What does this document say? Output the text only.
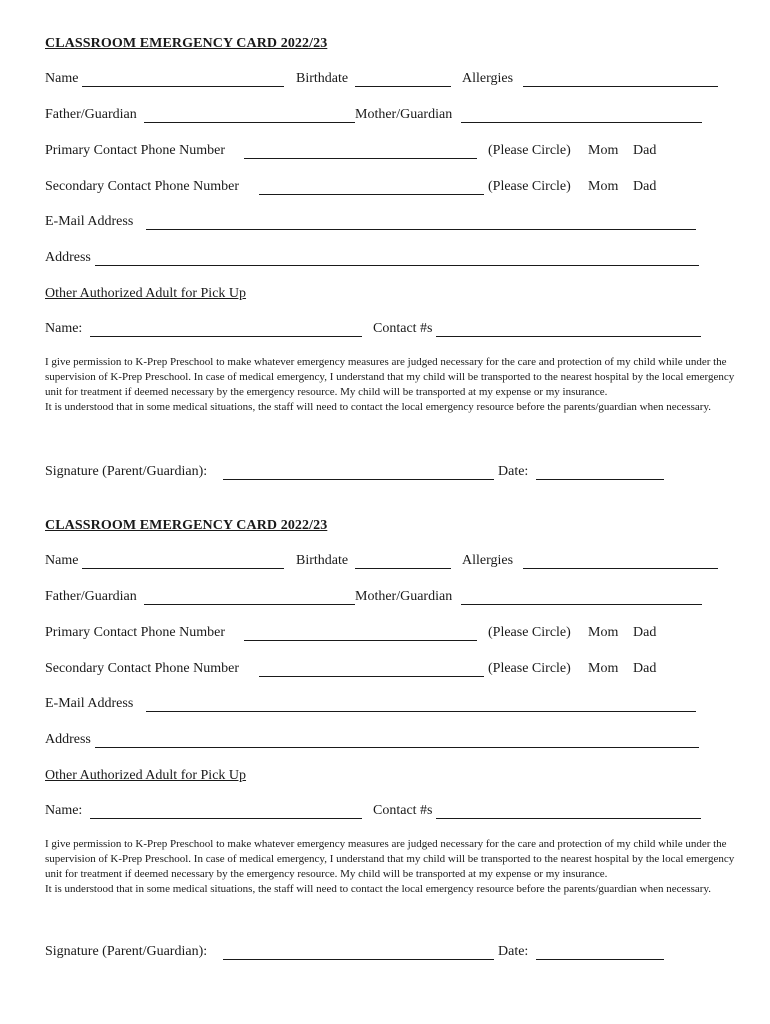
CLASSROOM EMERGENCY CARD 2022/23
Name	Birthdate	Allergies
Father/Guardian	Mother/Guardian
Primary Contact Phone Number	(Please Circle) Mom Dad
Secondary Contact Phone Number	(Please Circle) Mom Dad
E-Mail Address
Address
Other Authorized Adult for Pick Up
Name:	Contact #s

I give permission to K-Prep Preschool to make whatever emergency measures are judged necessary for the care and protection of my child while under the supervision of K-Prep Preschool. In case of medical emergency, I understand that my child will be transported to the nearest hospital by the local emergency unit for treatment if deemed necessary by the emergency resource. My child will be transported at my expense or my insurance.

It is understood that in some medical situations, the staff will need to contact the local emergency resource before the parents/guardian when necessary.

Signature (Parent/Guardian):	Date:
CLASSROOM EMERGENCY CARD 2022/23
Name	Birthdate	Allergies
Father/Guardian	Mother/Guardian
Primary Contact Phone Number	(Please Circle) Mom Dad
Secondary Contact Phone Number	(Please Circle) Mom Dad
E-Mail Address
Address
Other Authorized Adult for Pick Up
Name:	Contact #s

I give permission to K-Prep Preschool to make whatever emergency measures are judged necessary for the care and protection of my child while under the supervision of K-Prep Preschool. In case of medical emergency, I understand that my child will be transported to the nearest hospital by the local emergency unit for treatment if deemed necessary by the emergency resource. My child will be transported at my expense or my insurance.

It is understood that in some medical situations, the staff will need to contact the local emergency resource before the parents/guardian when necessary.

Signature (Parent/Guardian):	Date:
